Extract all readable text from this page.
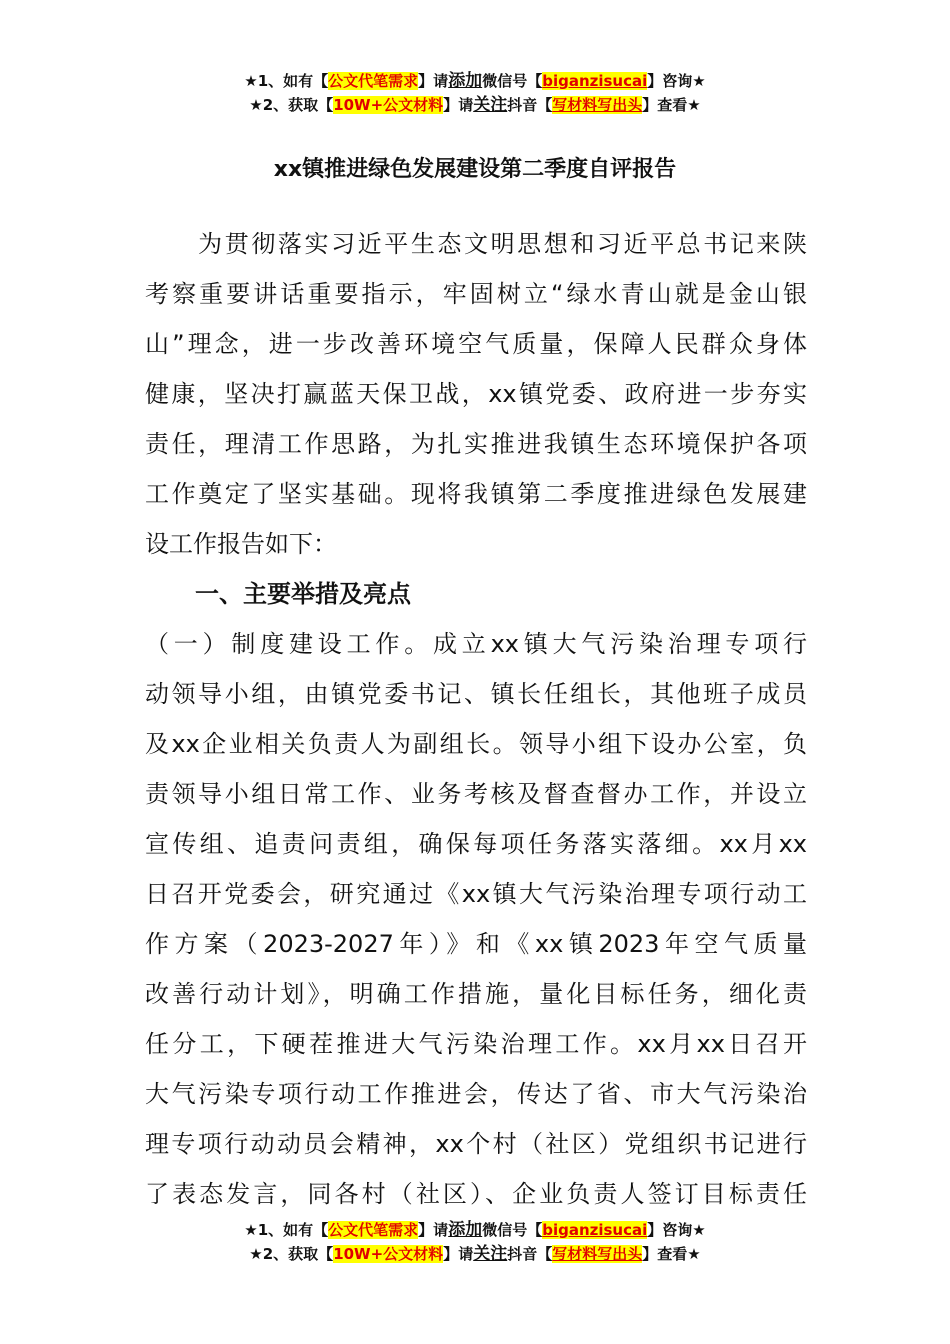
★1、如有【公文代笔需求】请添加微信号【biganzisucai】咨询★
★2、获取【10W+公文材料】请关注抖音【写材料写出头】查看★
xx镇推进绿色发展建设第二季度自评报告
　　为贯彻落实习近平生态文明思想和习近平总书记来陕
考察重要讲话重要指示，牢固树立“绿水青山就是金山银
山”理念，进一步改善环境空气质量，保障人民群众身体
健康，坚决打赢蓝天保卫战，xx镇党委、政府进一步夯实
责任，理清工作思路，为扎实推进我镇生态环境保护各项
工作奠定了坚实基础。现将我镇第二季度推进绿色发展建
设工作报告如下：
一、主要举措及亮点
（一）制度建设工作。成立xx镇大气污染治理专项行
动领导小组，由镇党委书记、镇长任组长，其他班子成员
及xx企业相关负责人为副组长。领导小组下设办公室，负
责领导小组日常工作、业务考核及督查督办工作，并设立
宣传组、追责问责组，确保每项任务落实落细。xx月xx
日召开党委会，研究通过《xx镇大气污染治理专项行动工
作方案（2023-2027年）》和《xx镇2023年空气质量
改善行动计划》，明确工作措施，量化目标任务，细化责
任分工，下硬茬推进大气污染治理工作。xx月xx日召开
大气污染专项行动工作推进会，传达了省、市大气污染治
理专项行动动员会精神，xx个村（社区）党组织书记进行
了表态发言，同各村（社区）、企业负责人签订目标责任
★1、如有【公文代笔需求】请添加微信号【biganzisucai】咨询★
★2、获取【10W+公文材料】请关注抖音【写材料写出头】查看★
